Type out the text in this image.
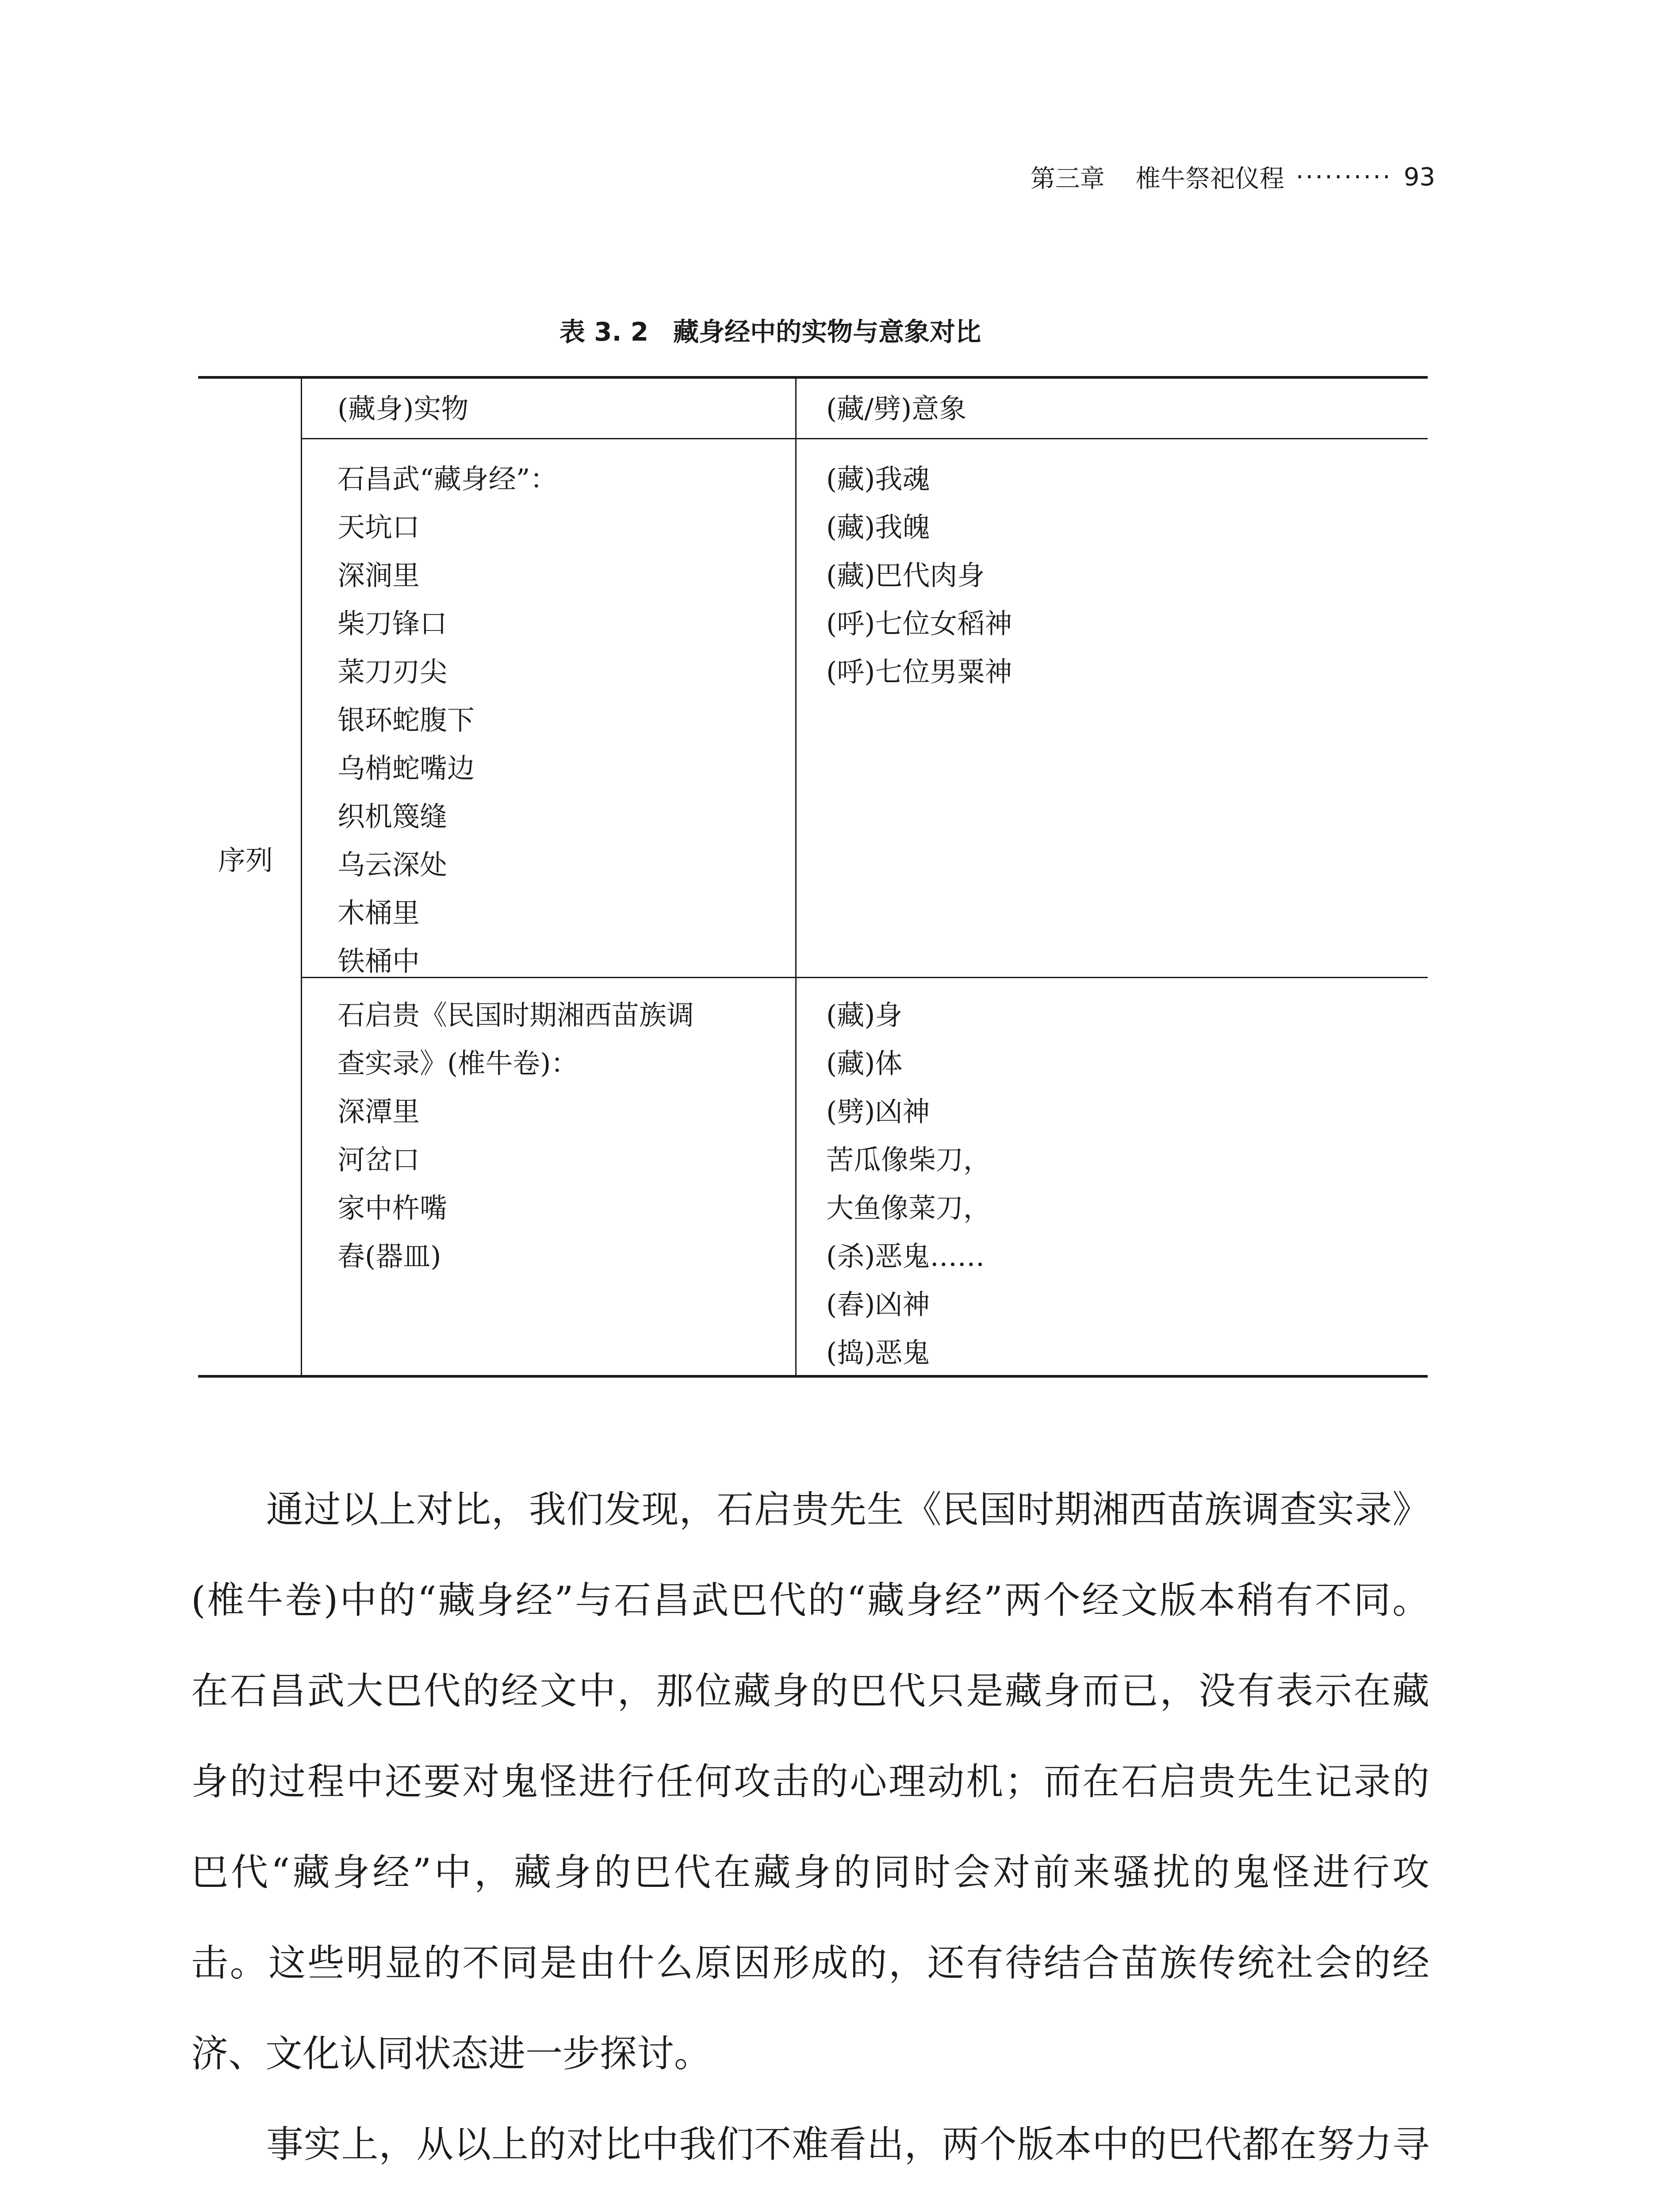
第三章 椎牛祭祀仪程 ·········· 93
表 3. 2 藏身经中的实物与意象对比
序列
(藏身)实物	(藏/劈)意象
石昌武“藏身经”：
天坑口
深涧里
柴刀锋口
菜刀刃尖
银环蛇腹下
乌梢蛇嘴边
织机篾缝
乌云深处
木桶里
铁桶中
(藏)我魂
(藏)我魄
(藏)巴代肉身
(呼)七位女稻神
(呼)七位男粟神
石启贵《民国时期湘西苗族调
查实录》(椎牛卷)：
深潭里
河岔口
家中杵嘴
舂(器皿)
(藏)身
(藏)体
(劈)凶神
苦瓜像柴刀，
大鱼像菜刀，
(杀)恶鬼……
(舂)凶神
(捣)恶鬼
　　通过以上对比，我们发现，石启贵先生《民国时期湘西苗族调查实录》
(椎牛卷)中的“藏身经”与石昌武巴代的“藏身经”两个经文版本稍有不同。
在石昌武大巴代的经文中，那位藏身的巴代只是藏身而已，没有表示在藏
身的过程中还要对鬼怪进行任何攻击的心理动机；而在石启贵先生记录的
巴代“藏身经”中，藏身的巴代在藏身的同时会对前来骚扰的鬼怪进行攻
击。这些明显的不同是由什么原因形成的，还有待结合苗族传统社会的经
济、文化认同状态进一步探讨。
　　事实上，从以上的对比中我们不难看出，两个版本中的巴代都在努力寻
